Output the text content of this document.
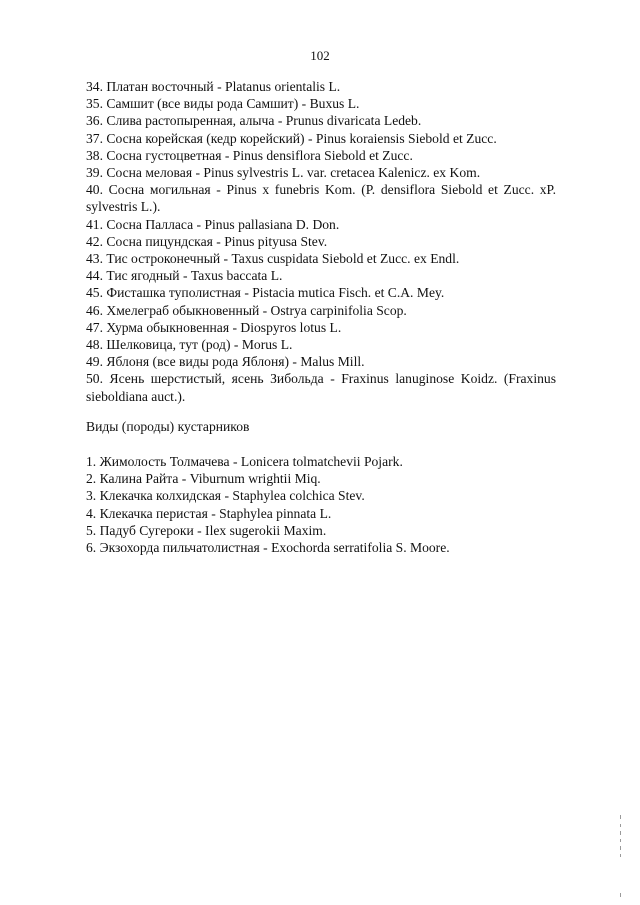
102
34. Платан восточный - Platanus orientalis L.
35. Самшит (все виды рода Самшит) - Buxus L.
36. Слива растопыренная, алыча - Prunus divaricata Ledeb.
37. Сосна корейская (кедр корейский) - Pinus koraiensis Siebold et Zucc.
38. Сосна густоцветная - Pinus densiflora Siebold et Zucc.
39. Сосна меловая - Pinus sylvestris L. var. cretacea Kalenicz. ex Kom.
40. Сосна могильная - Pinus x funebris Kom. (P. densiflora Siebold et Zucc. xP. sylvestris L.).
41. Сосна Палласа - Pinus pallasiana D. Don.
42. Сосна пицундская - Pinus pityusa Stev.
43. Тис остроконечный - Taxus cuspidata Siebold et Zucc. ex Endl.
44. Тис ягодный - Taxus baccata L.
45. Фисташка туполистная - Pistacia mutica Fisch. et C.A. Mey.
46. Хмелеграб обыкновенный - Ostrya carpinifolia Scop.
47. Хурма обыкновенная - Diospyros lotus L.
48. Шелковица, тут (род) - Morus L.
49. Яблоня (все виды рода Яблоня) - Malus Mill.
50. Ясень шерстистый, ясень Зибольда - Fraxinus lanuginose Koidz. (Fraxinus sieboldiana auct.).
Виды (породы) кустарников
1. Жимолость Толмачева - Lonicera tolmatchevii Pojark.
2. Калина Райта - Viburnum wrightii Miq.
3. Клекачка колхидская - Staphylea colchica Stev.
4. Клекачка перистая - Staphylea pinnata L.
5. Падуб Сугероки - Ilex sugerokii Maxim.
6. Экзохорда пильчатолистная - Exochorda serratifolia S. Moore.
